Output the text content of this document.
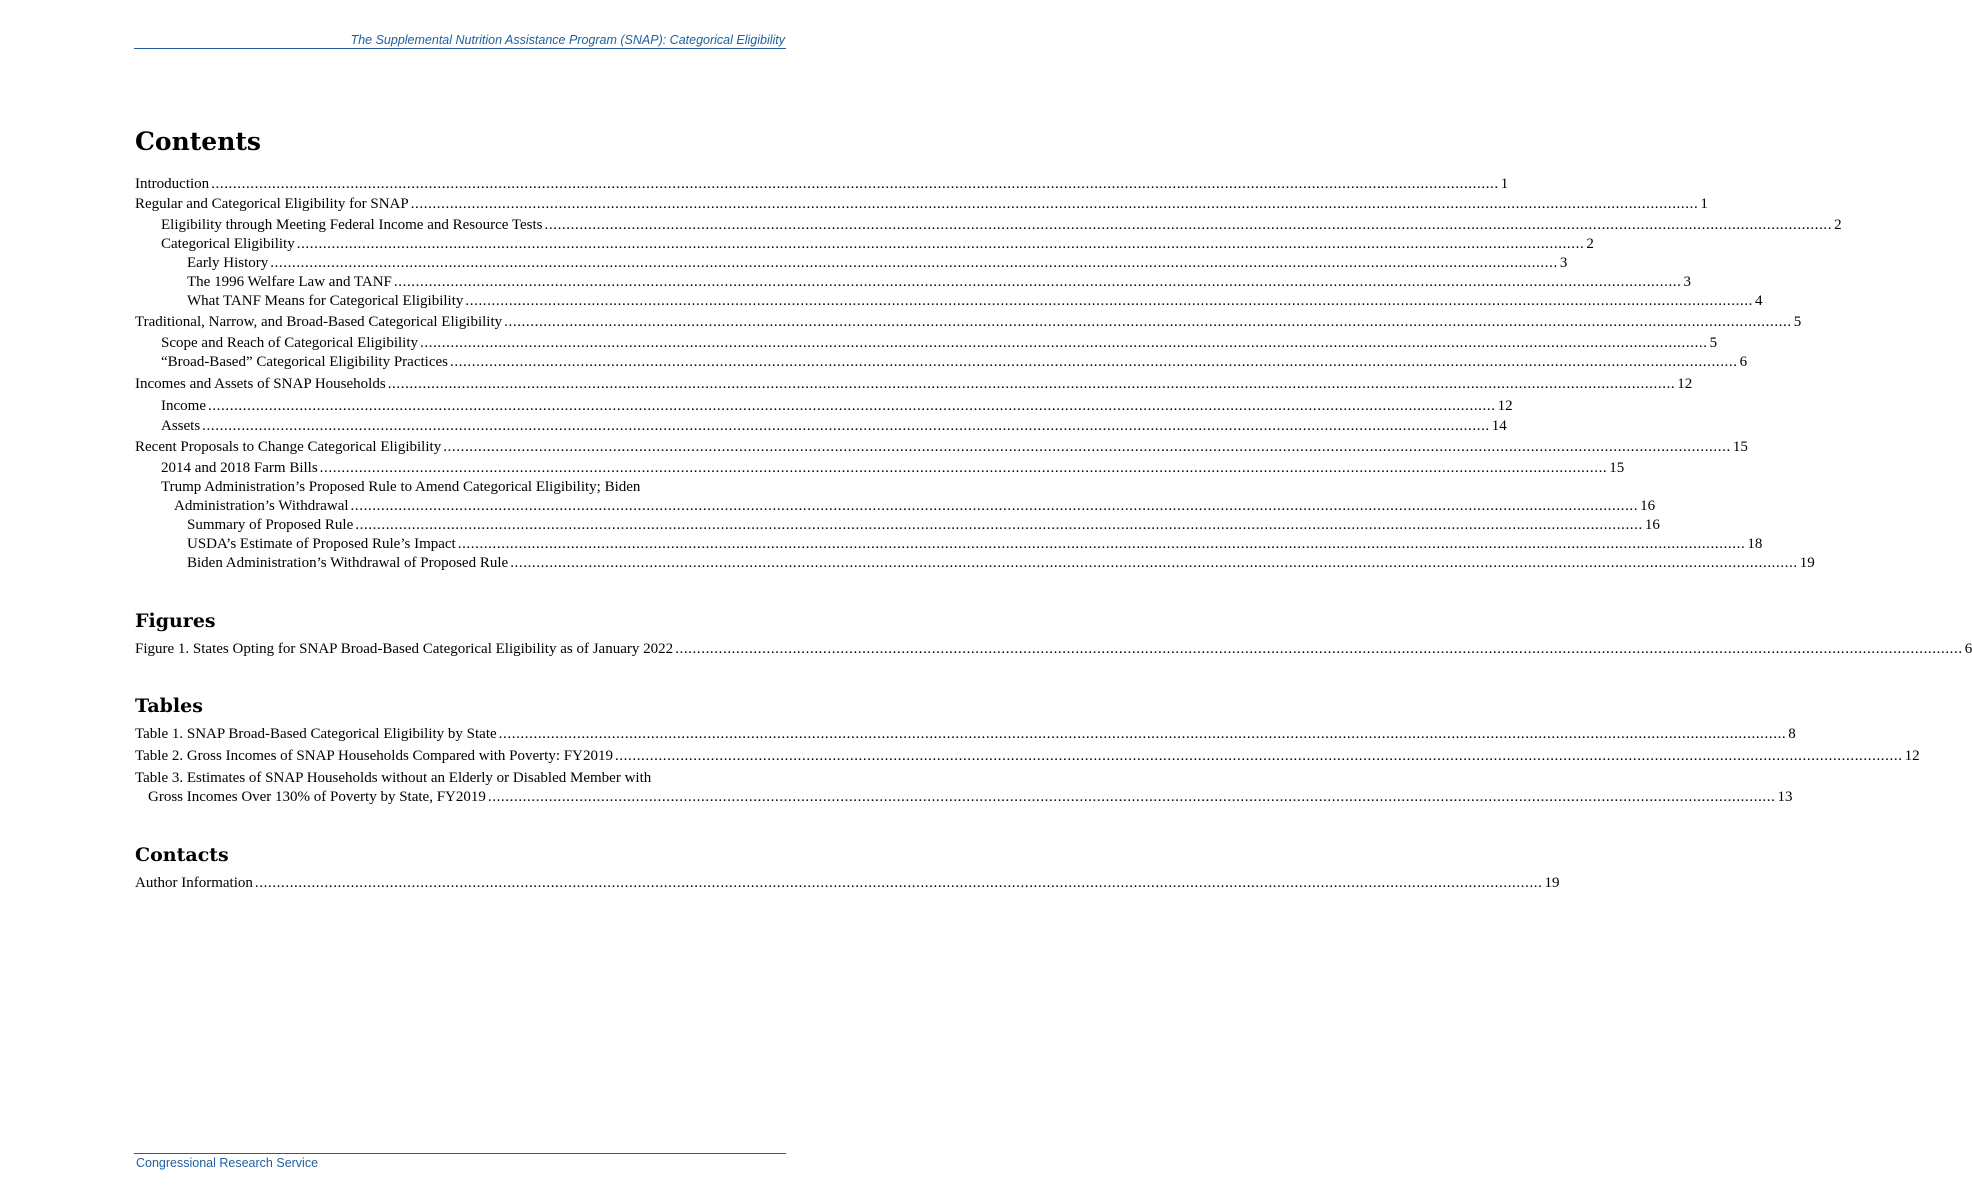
The Supplemental Nutrition Assistance Program (SNAP): Categorical Eligibility
Contents
Introduction .....	1
Regular and Categorical Eligibility for SNAP .....	1
Eligibility through Meeting Federal Income and Resource Tests .....	2
Categorical Eligibility .....	2
Early History .....	3
The 1996 Welfare Law and TANF .....	3
What TANF Means for Categorical Eligibility .....	4
Traditional, Narrow, and Broad-Based Categorical Eligibility .....	5
Scope and Reach of Categorical Eligibility .....	5
“Broad-Based” Categorical Eligibility Practices .....	6
Incomes and Assets of SNAP Households .....	12
Income .....	12
Assets .....	14
Recent Proposals to Change Categorical Eligibility .....	15
2014 and 2018 Farm Bills .....	15
Trump Administration’s Proposed Rule to Amend Categorical Eligibility; Biden
Administration’s Withdrawal .....	16
Summary of Proposed Rule .....	16
USDA’s Estimate of Proposed Rule’s Impact .....	18
Biden Administration’s Withdrawal of Proposed Rule .....	19
Figures
Figure 1. States Opting for SNAP Broad-Based Categorical Eligibility as of January 2022 .....	6
Tables
Table 1. SNAP Broad-Based Categorical Eligibility by State .....	8
Table 2. Gross Incomes of SNAP Households Compared with Poverty: FY2019 .....	12
Table 3. Estimates of SNAP Households without an Elderly or Disabled Member with
Gross Incomes Over 130% of Poverty by State, FY2019 .....	13
Contacts
Author Information .....	19
Congressional Research Service
